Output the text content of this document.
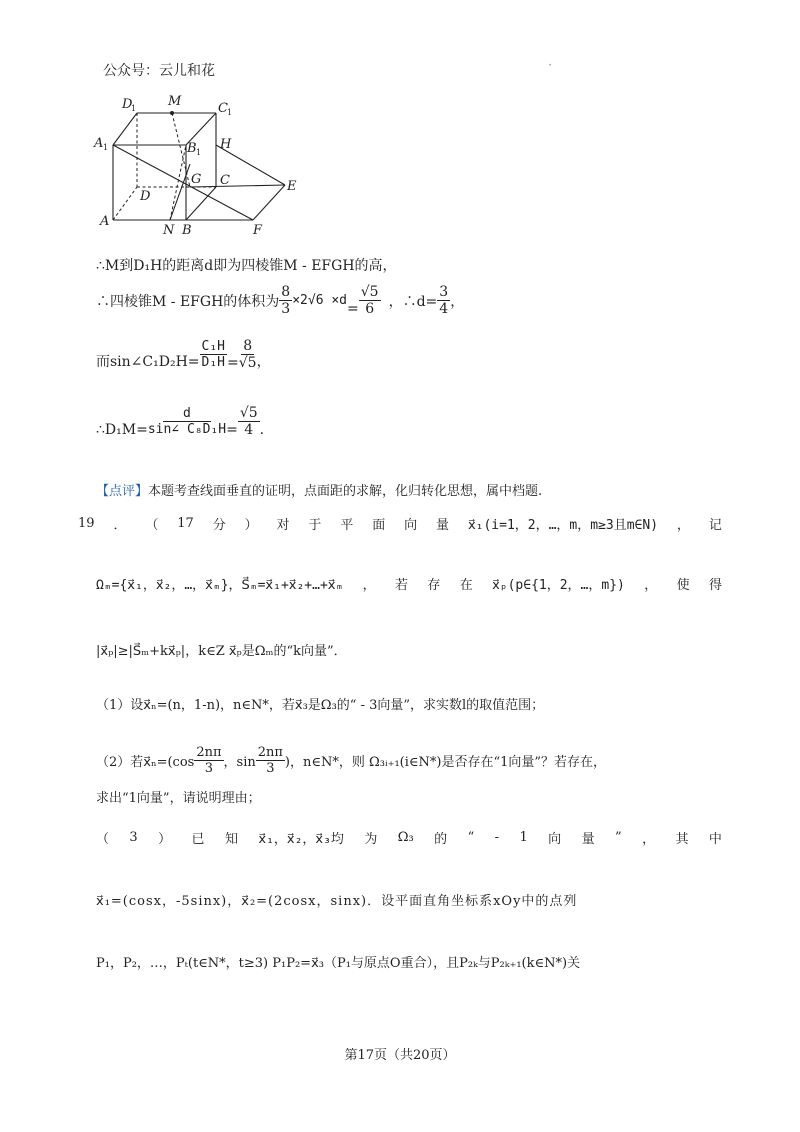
公众号：云儿和花	·
D
1 M	C 1
A 1	B 1
H
G C	E
D
A
N B	F
∴M到D₁H的距离d即为四棱锥M - EFGH的高，
∴四棱锥M - EFGH的体积为 $\frac{8}{3} \times 2√6 \times d$
= $\frac{√5}{6}$ ，∴d= $\frac{3}{4}$ ，
而sin∠C₁D₂H= $\frac{\text{C₁H}}{\text{D₁H}} = \frac{8}{√5}$ ，
∴D₁M= $\frac{d}{\text{sin∠ C₈D₁H}} = \frac{√5}{4}$ .
【点评】本题考查线面垂直的证明，点面距的求解，化归转化思想，属中档题.
19 ． （ 17 分 ） 对 于 平 面 向 量 x⃗₁(i=1，2，…，m，m≥3且m∈N) ， 记
Ωₘ={x⃗₁，x⃗₂，…，x⃗ₘ}，S⃗ₘ=x⃗₁+x⃗₂+…+x⃗ₘ ， 若 存 在 x⃗ₚ(p∈{1，2，…，m}) ， 使 得
|x⃗ₚ|≥|S⃗ₘ+kx⃗ₚ|，k∈Z x⃗ₚ是Ωₘ的“k向量”．
（1）设x⃗ₙ=(n，1-n)，n∈N*，若x⃗₃是Ω₃的“ - 3向量”，求实数l的取值范围；
（2）若x⃗ₙ=(cos $\frac{2n\pi}{3}$ ，$\sin \frac{2n\pi}{3}$ )，n∈N*，则 Ω₃ᵢ₊₁(i∈N*)是否存在“1向量”？若存在，
求出“1向量”，请说明理由；
（ 3 ） 已 知 x⃗₁，x⃗₂，x⃗₃均 为 Ω₃ 的 “ - 1 向 量 ” ， 其 中
x⃗₁=(cosx，-5sinx)，x⃗₂=(2cosx，sinx)．设平面直角坐标系xOy中的点列
P₁，P₂，…，Pₜ(t∈N*，t≥3) P₁P₂=x⃗₃（P₁与原点O重合），且P₂ₖ与P₂ₖ₊₁(k∈N*)关
第17页（共20页）
